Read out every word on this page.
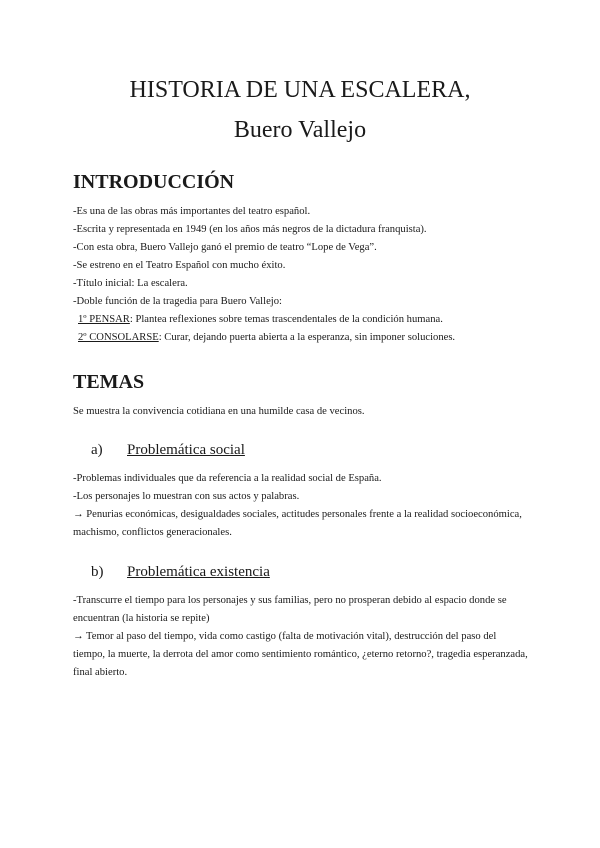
HISTORIA DE UNA ESCALERA,
Buero Vallejo
INTRODUCCIÓN

-Es una de las obras más importantes del teatro español.

-Escrita y representada en 1949 (en los años más negros de la dictadura franquista).

-Con esta obra, Buero Vallejo ganó el premio de teatro “Lope de Vega”.

-Se estreno en el Teatro Español con mucho éxito.

-Título inicial: La escalera.

-Doble función de la tragedia para Buero Vallejo:

1º PENSAR: Plantea reflexiones sobre temas trascendentales de la condición humana.

2º CONSOLARSE: Curar, dejando puerta abierta a la esperanza, sin imponer soluciones.

TEMAS

Se muestra la convivencia cotidiana en una humilde casa de vecinos.

a) Problemática social

-Problemas individuales que da referencia a la realidad social de España.

-Los personajes lo muestran con sus actos y palabras.

→ Penurias económicas, desigualdades sociales, actitudes personales frente a la realidad socioeconómica, machismo, conflictos generacionales.

b) Problemática existencia

-Transcurre el tiempo para los personajes y sus familias, pero no prosperan debido al espacio donde se encuentran (la historia se repite)

→ Temor al paso del tiempo, vida como castigo (falta de motivación vital), destrucción del paso del tiempo, la muerte, la derrota del amor como sentimiento romántico, ¿eterno retorno?, tragedia esperanzada, final abierto.
